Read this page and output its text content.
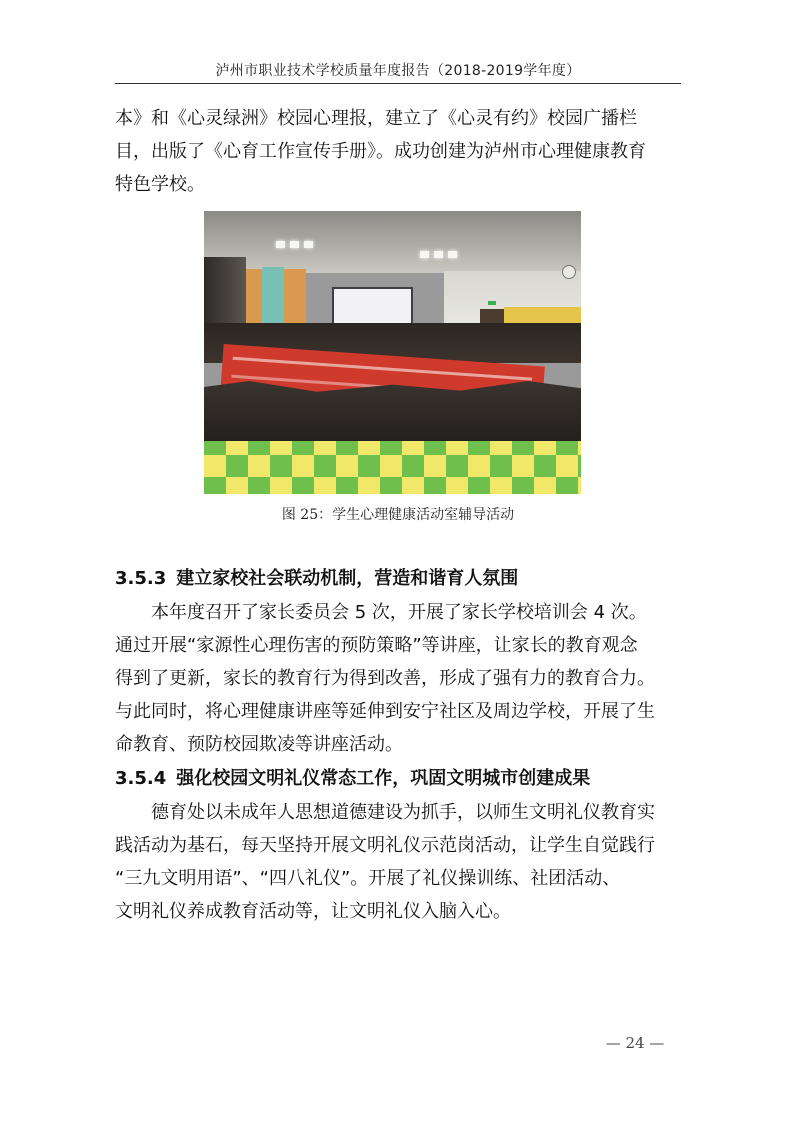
泸州市职业技术学校质量年度报告（2018-2019学年度）

本》和《心灵绿洲》校园心理报，建立了《心灵有约》校园广播栏
目，出版了《心育工作宣传手册》。成功创建为泸州市心理健康教育
特色学校。

图 25：学生心理健康活动室辅导活动
3.5.3 建立家校社会联动机制，营造和谐育人氛围

本年度召开了家长委员会 5 次，开展了家长学校培训会 4 次。
通过开展“家源性心理伤害的预防策略”等讲座，让家长的教育观念
得到了更新，家长的教育行为得到改善，形成了强有力的教育合力。
与此同时，将心理健康讲座等延伸到安宁社区及周边学校，开展了生
命教育、预防校园欺凌等讲座活动。

3.5.4 强化校园文明礼仪常态工作，巩固文明城市创建成果

德育处以未成年人思想道德建设为抓手，以师生文明礼仪教育实
践活动为基石，每天坚持开展文明礼仪示范岗活动，让学生自觉践行
“三九文明用语”、“四八礼仪”。开展了礼仪操训练、社团活动、
文明礼仪养成教育活动等，让文明礼仪入脑入心。

— 24 —
